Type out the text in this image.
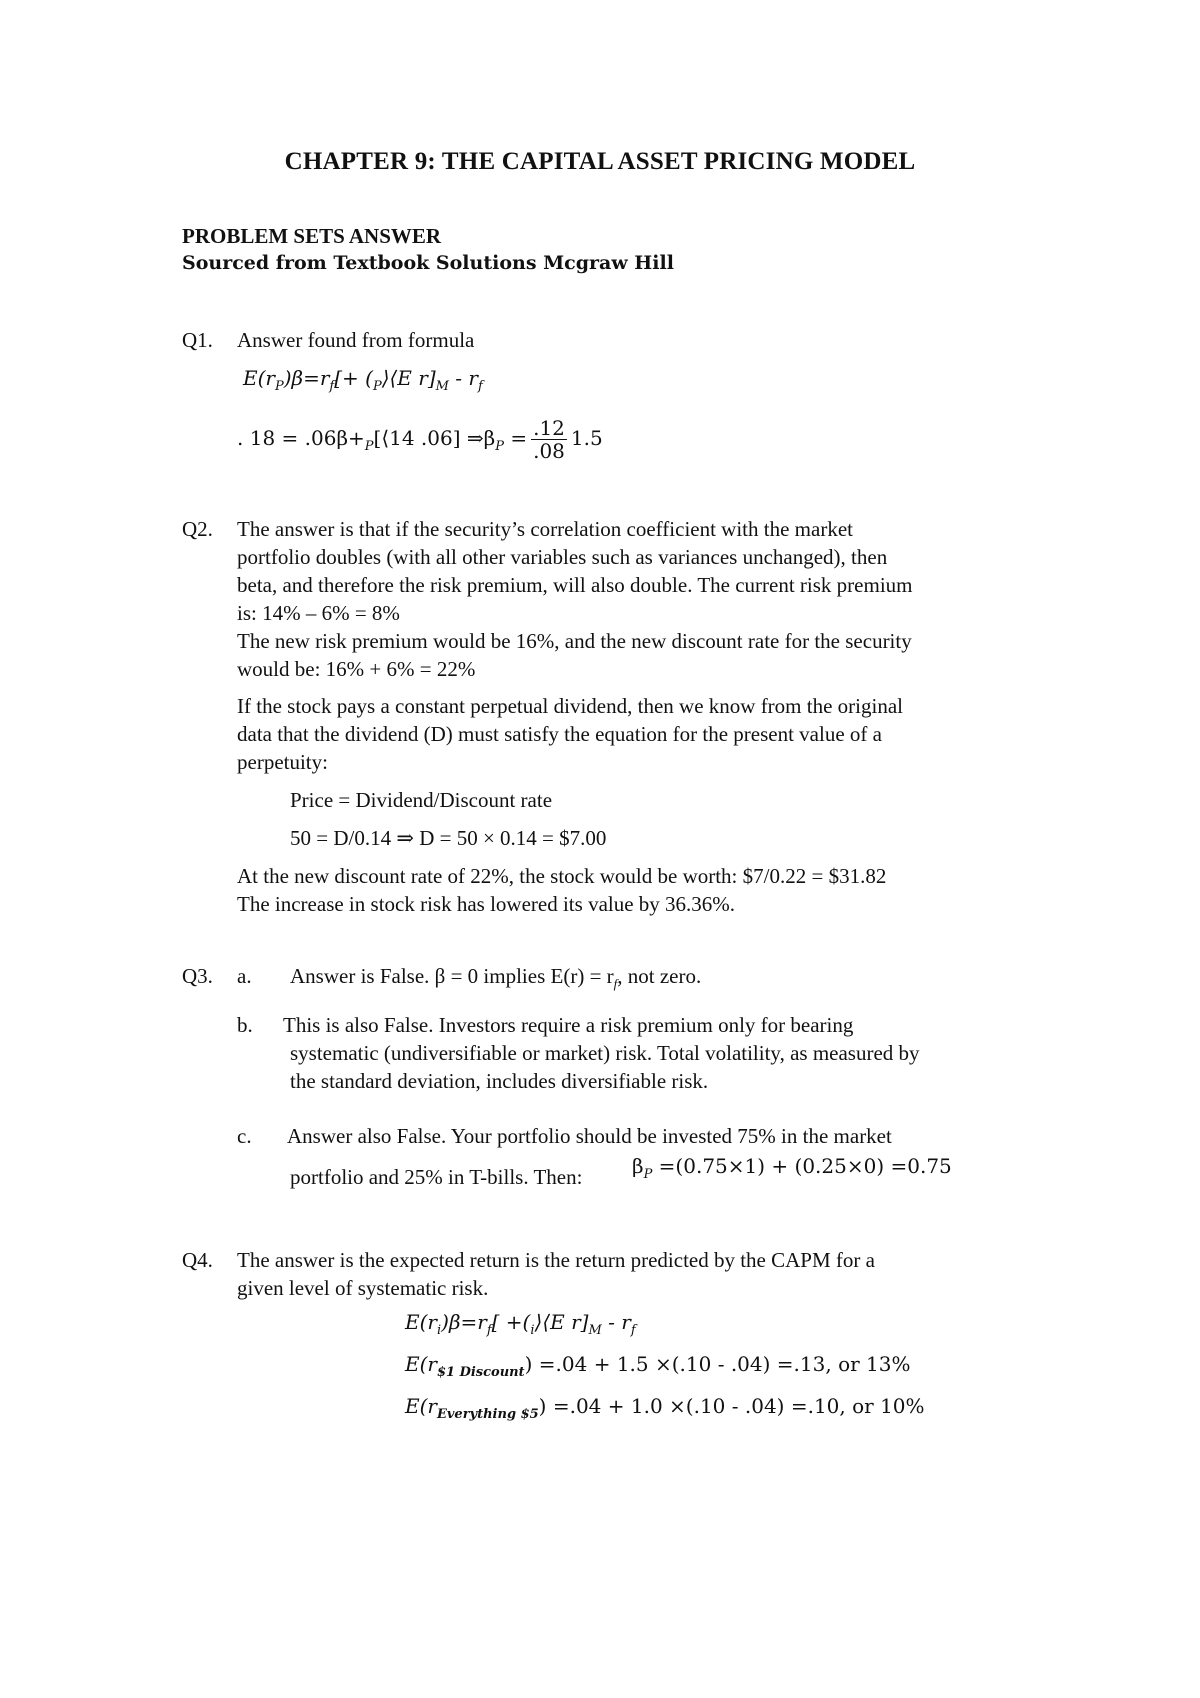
CHAPTER 9: THE CAPITAL ASSET PRICING MODEL
PROBLEM SETS ANSWER
Sourced from Textbook Solutions Mcgraw Hill
Q1. Answer found from formula
$E(r_P)\beta=r_f[+$ ($_P⟩⟨E$ $r]_M - r_f$
. $18 = .06\beta+_P[⟨14$ .06] $\Rightarrow\beta_P = \frac{.12}{.08} 1.5$
Q2. The answer is that if the security’s correlation coefficient with the market
portfolio doubles (with all other variables such as variances unchanged), then
beta, and therefore the risk premium, will also double. The current risk premium
is: 14% – 6% = 8%
The new risk premium would be 16%, and the new discount rate for the security
would be: 16% + 6% = 22%
If the stock pays a constant perpetual dividend, then we know from the original
data that the dividend (D) must satisfy the equation for the present value of a
perpetuity:
Price = Dividend/Discount rate
50 = D/0.14 ⇒ D = 50 × 0.14 = $7.00
At the new discount rate of 22%, the stock would be worth: $7/0.22 = $31.82
The increase in stock risk has lowered its value by 36.36%.
Q3. a. Answer is False. β = 0 implies $E(r) = r_f$, not zero.
b. This is also False. Investors require a risk premium only for bearing
systematic (undiversifiable or market) risk. Total volatility, as measured by
the standard deviation, includes diversifiable risk.
c. Answer also False. Your portfolio should be invested 75% in the market
portfolio and 25% in T-bills. Then: $\beta_P =(0.75\times 1) + (0.25\times 0) =0.75$
Q4. The answer is the expected return is the return predicted by the CAPM for a
given level of systematic risk.
$E(r_i)\beta=r_f$[ $+(_i⟩⟨E$ $r]_M - r_f$
$E(r_{\$1 Discount}) =.04 + 1.5 \times(.10 - .04) =.13$, or 13%
$E(r_{Everything \$5}) =.04 + 1.0 \times(.10 - .04) =.10$, or 10%
